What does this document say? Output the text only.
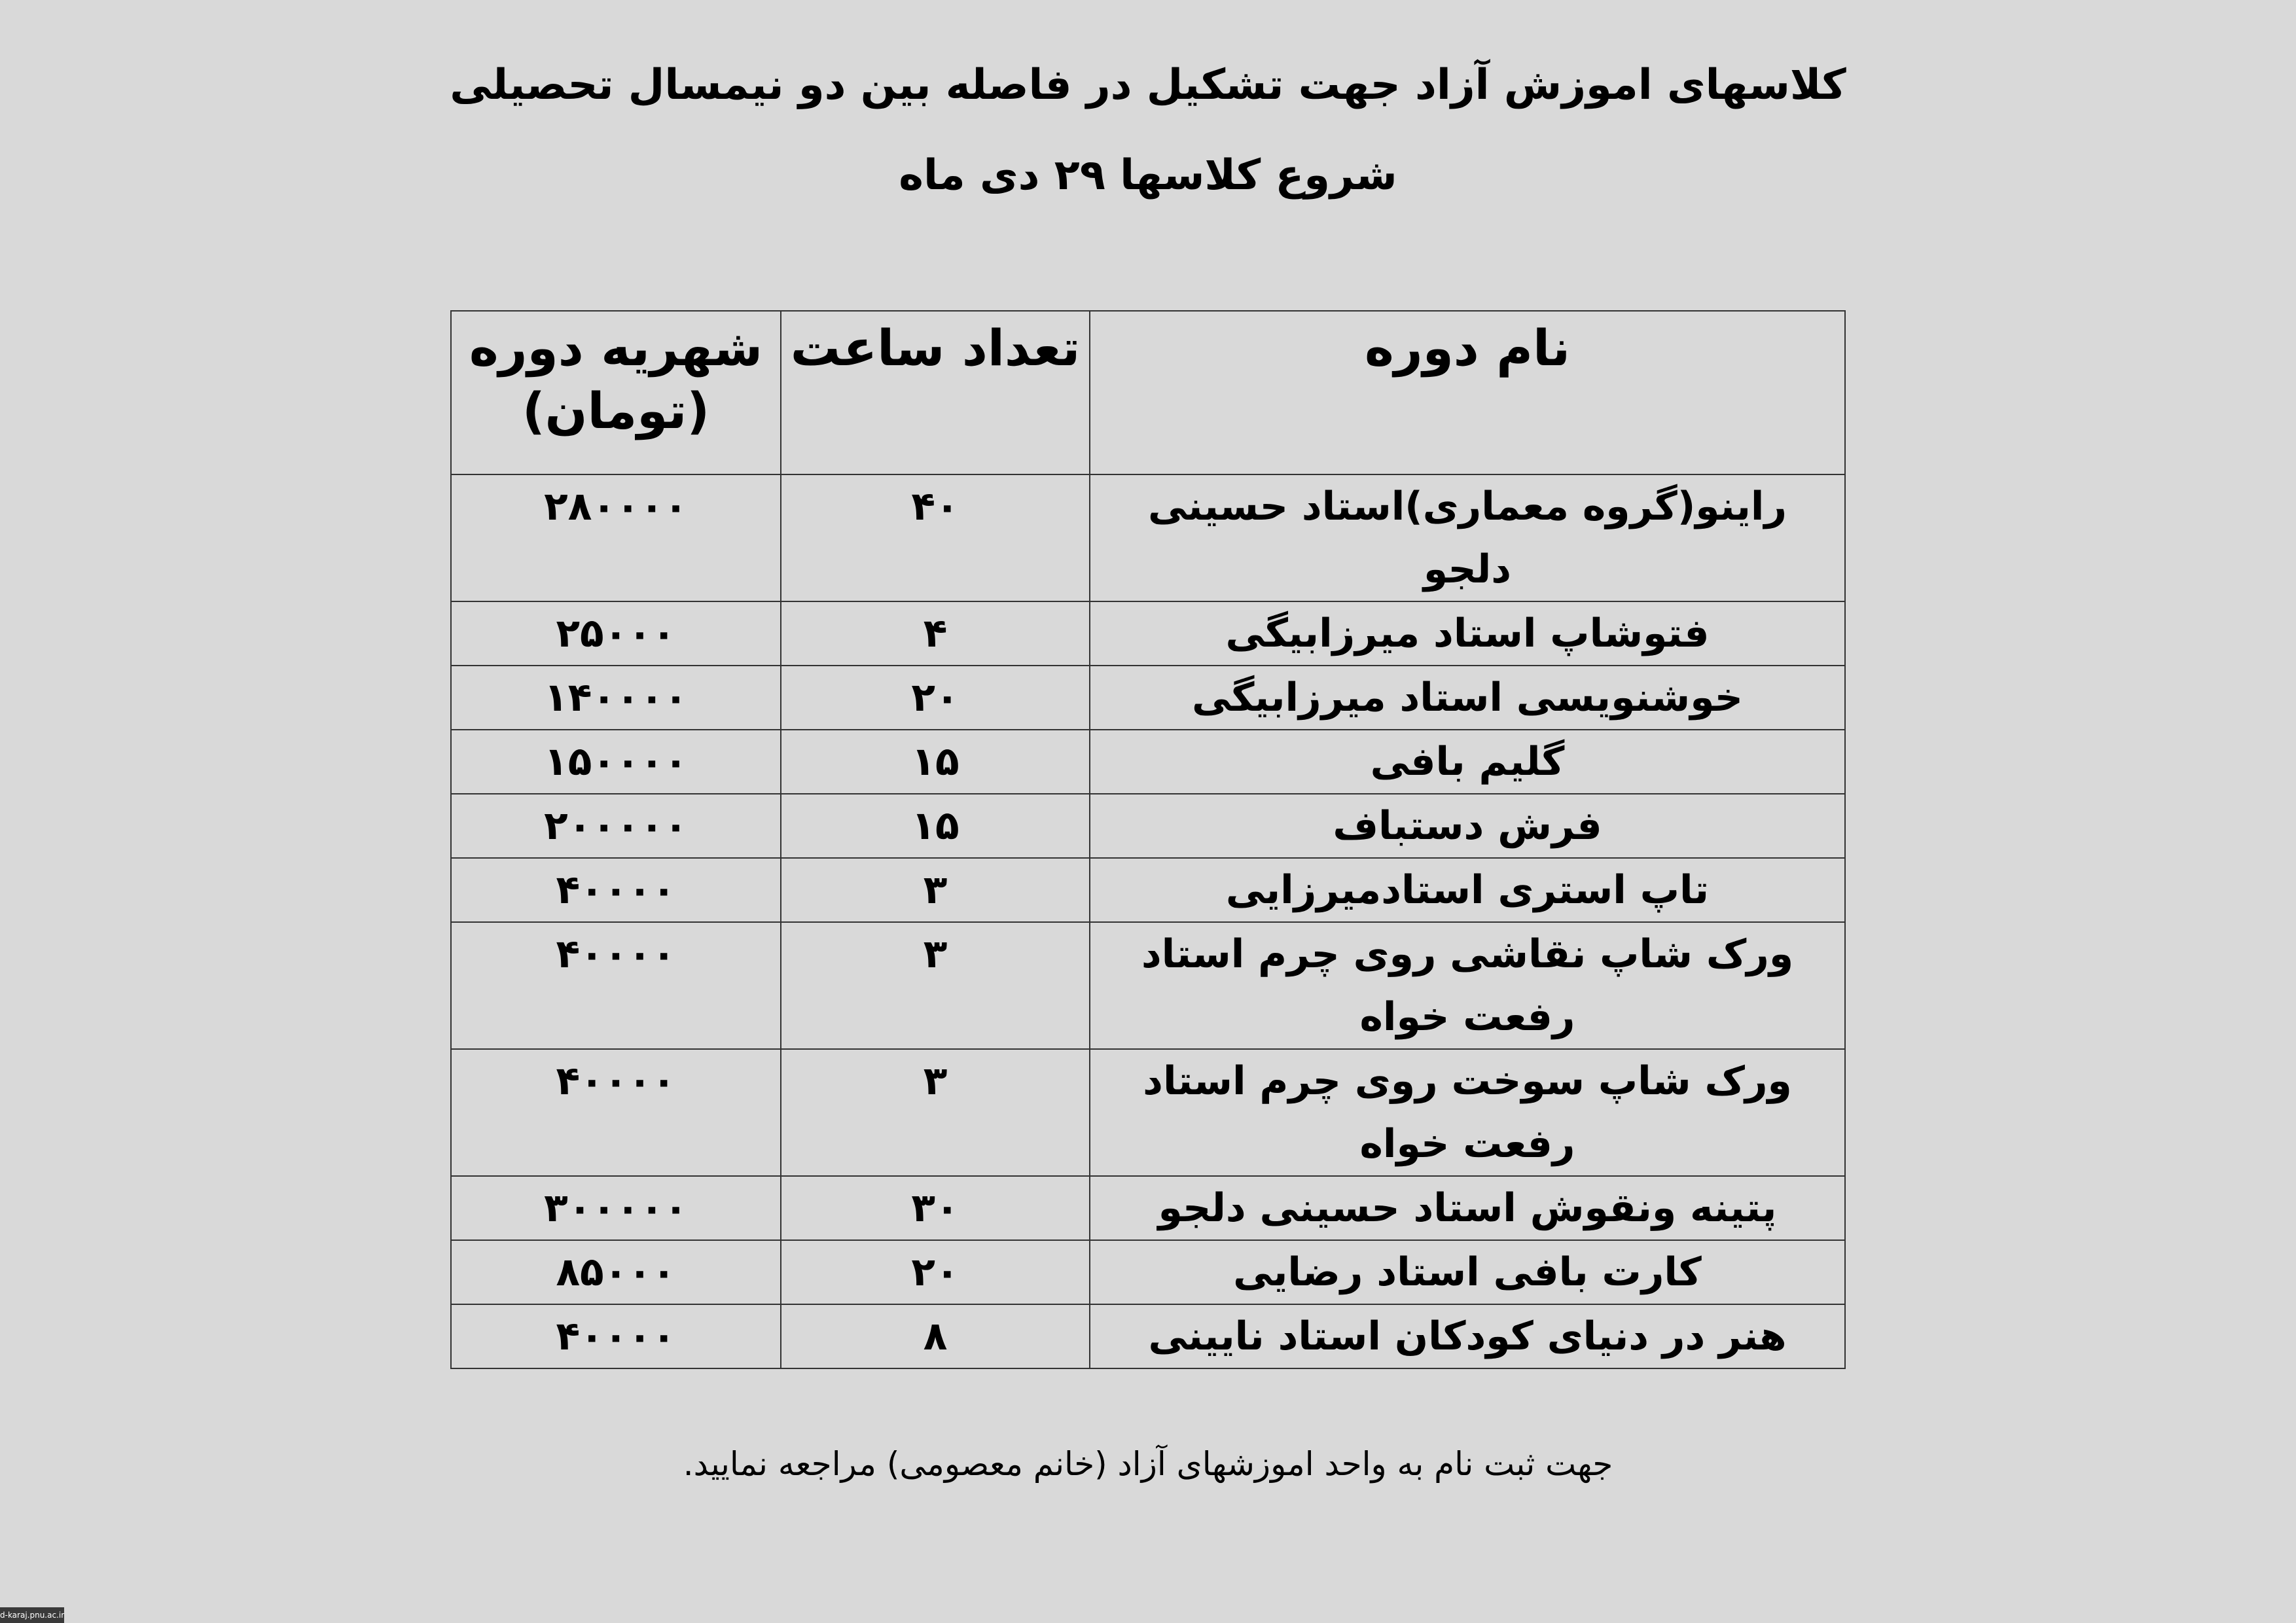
کلاسهای اموزش آزاد جهت تشکیل در فاصله بین دو نیمسال تحصیلی
شروع کلاسها ۲۹ دی ماه
نام دوره	تعداد ساعت	شهریه دوره (تومان)
راینو(گروه معماری)استاد حسینی دلجو	۴۰	۲۸۰۰۰۰
فتوشاپ استاد میرزابیگی	۴	۲۵۰۰۰
خوشنویسی استاد میرزابیگی	۲۰	۱۴۰۰۰۰
گلیم بافی	۱۵	۱۵۰۰۰۰
فرش دستباف	۱۵	۲۰۰۰۰۰
تاپ استری استادمیرزایی	۳	۴۰۰۰۰
ورک شاپ نقاشی روی چرم استاد رفعت خواه	۳	۴۰۰۰۰
ورک شاپ سوخت روی چرم استاد رفعت خواه	۳	۴۰۰۰۰
پتینه ونقوش استاد حسینی دلجو	۳۰	۳۰۰۰۰۰
کارت بافی استاد رضایی	۲۰	۸۵۰۰۰
هنر در دنیای کودکان استاد نایینی	۸	۴۰۰۰۰
جهت ثبت نام به واحد اموزشهای آزاد (خانم معصومی) مراجعه نمایید.
d-karaj.pnu.ac.ir
